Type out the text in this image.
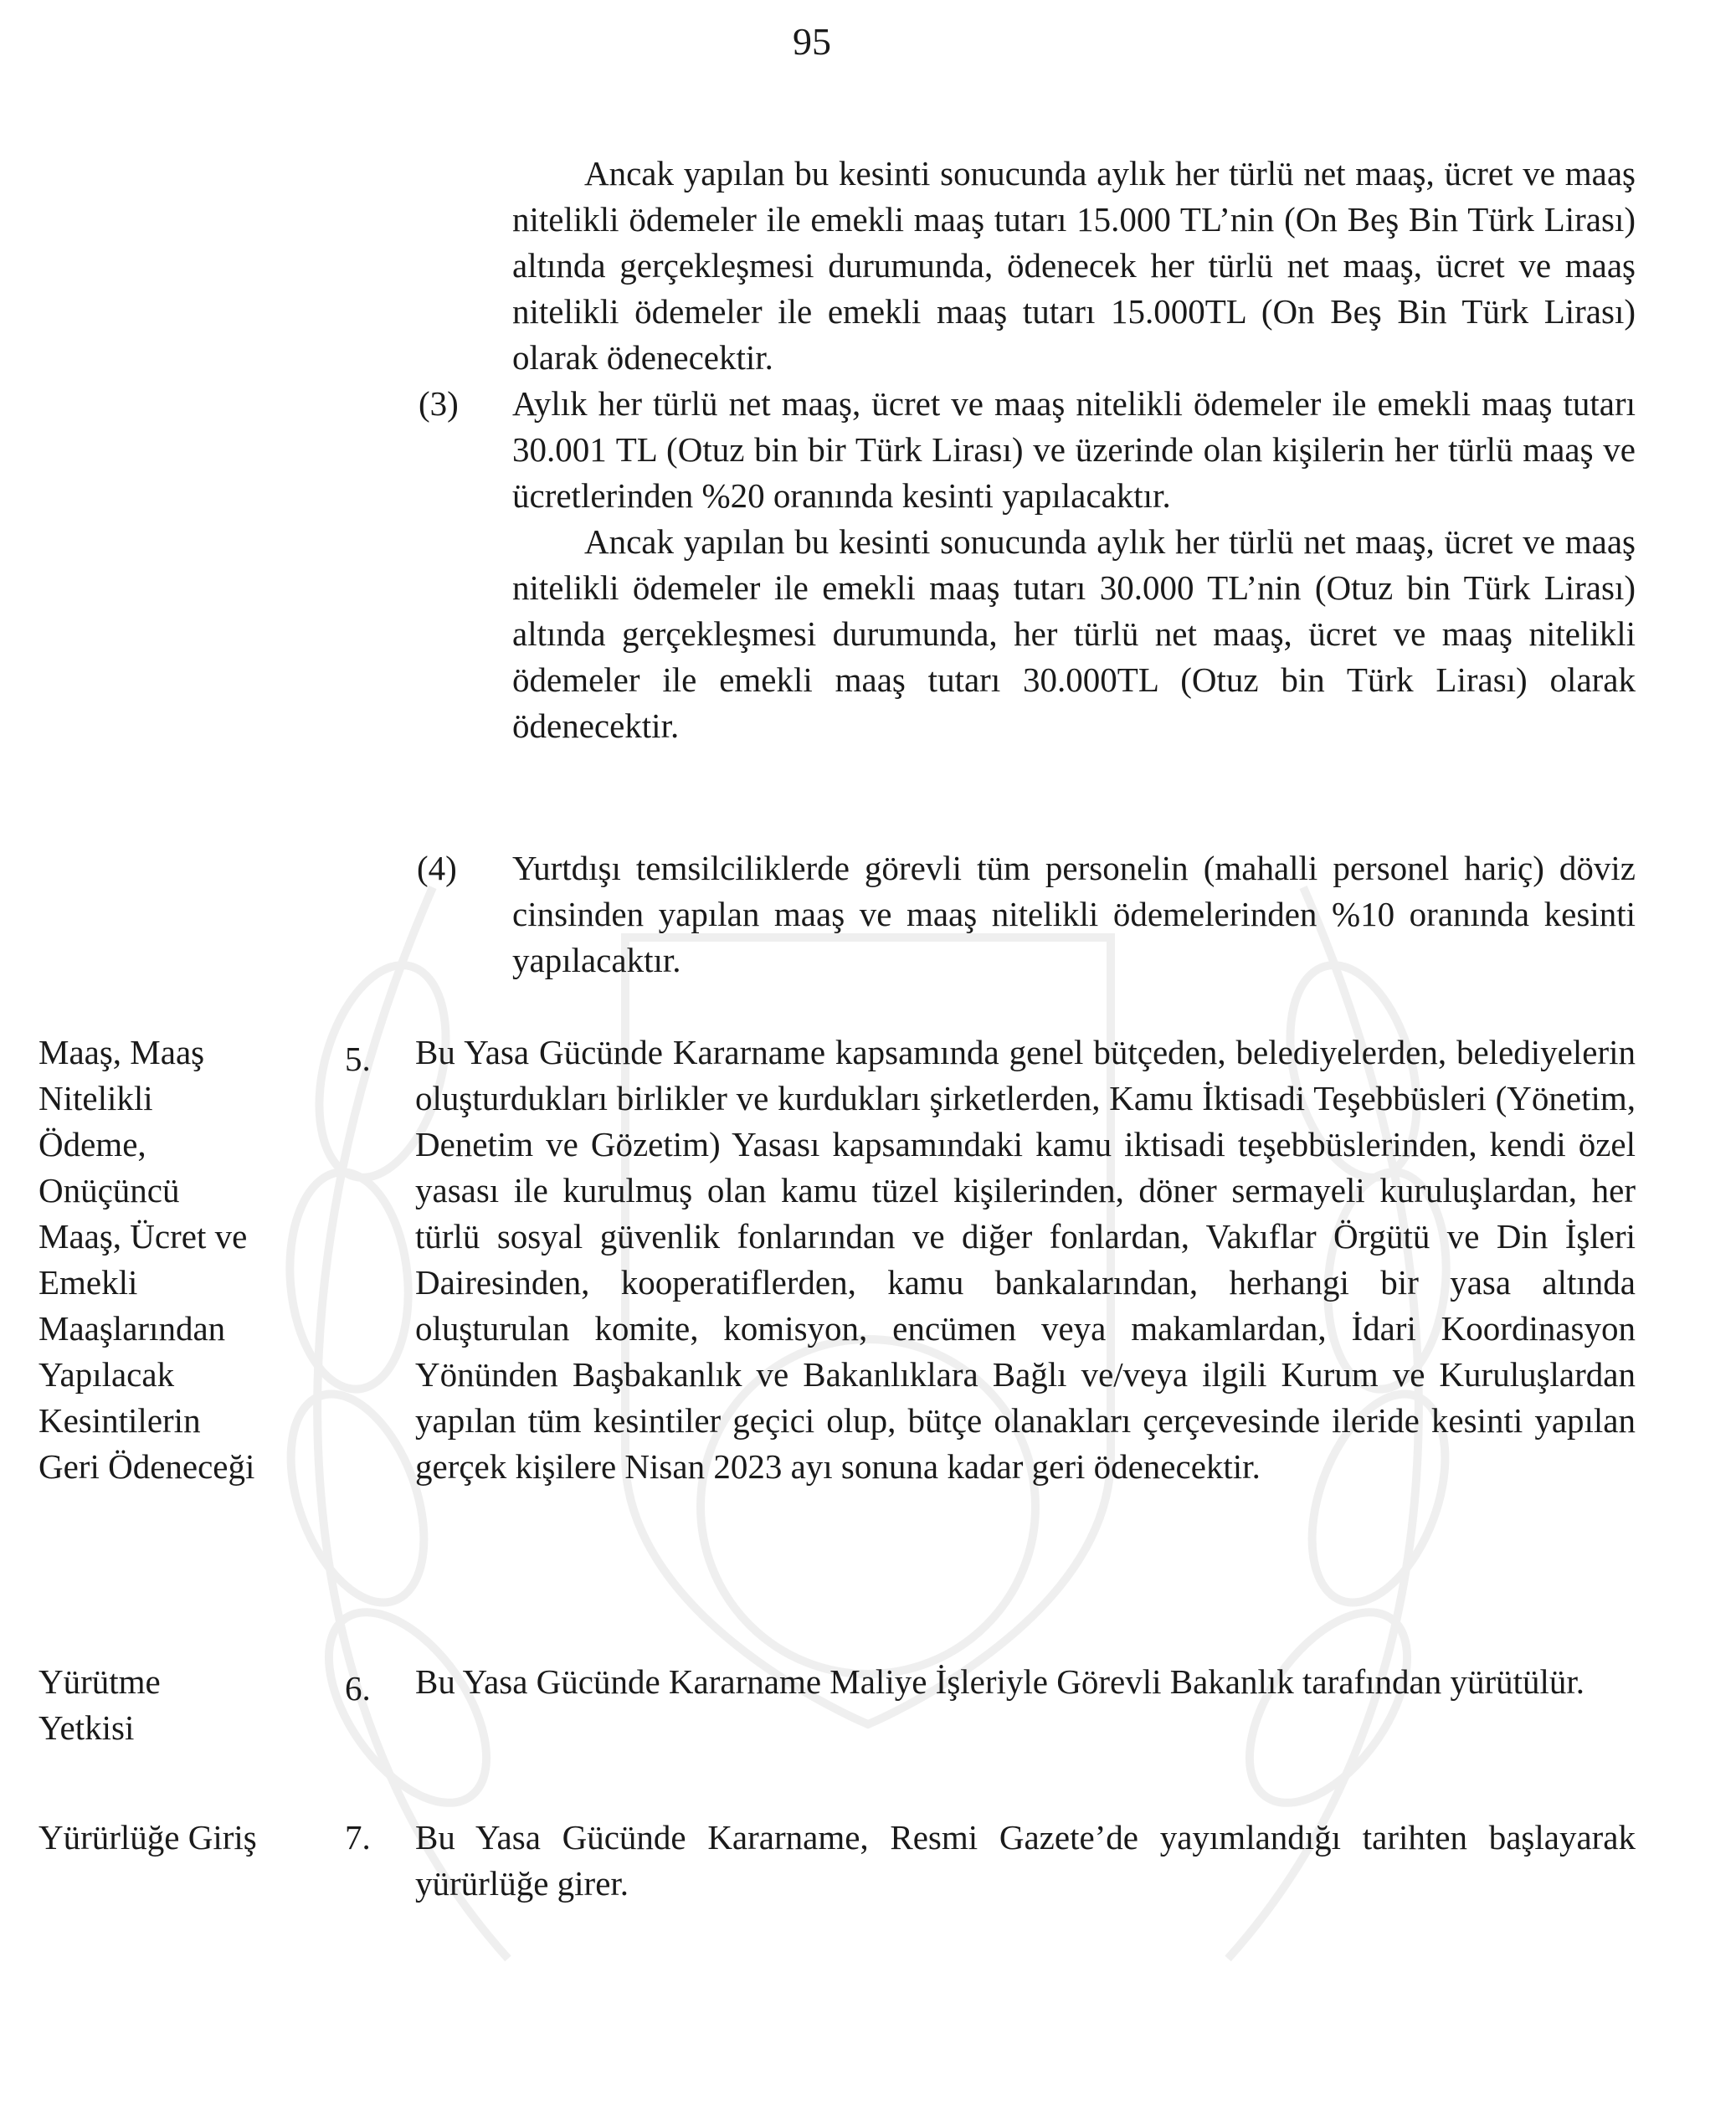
95

Ancak yapılan bu kesinti sonucunda aylık her türlü net maaş, ücret ve maaş nitelikli ödemeler ile emekli maaş tutarı 15.000 TL’nin (On Beş Bin Türk Lirası) altında gerçekleşmesi durumunda, ödenecek her türlü net maaş, ücret ve maaş nitelikli ödemeler ile emekli maaş tutarı 15.000TL (On Beş Bin Türk Lirası) olarak ödenecektir.

(3) Aylık her türlü net maaş, ücret ve maaş nitelikli ödemeler ile emekli maaş tutarı 30.001 TL (Otuz bin bir Türk Lirası) ve üzerinde olan kişilerin her türlü maaş ve ücretlerinden %20 oranında kesinti yapılacaktır.

Ancak yapılan bu kesinti sonucunda aylık her türlü net maaş, ücret ve maaş nitelikli ödemeler ile emekli maaş tutarı 30.000 TL’nin (Otuz bin Türk Lirası) altında gerçekleşmesi durumunda, her türlü net maaş, ücret ve maaş nitelikli ödemeler ile emekli maaş tutarı 30.000TL (Otuz bin Türk Lirası) olarak ödenecektir.

(4) Yurtdışı temsilciliklerde görevli tüm personelin (mahalli personel hariç) döviz cinsinden yapılan maaş ve maaş nitelikli ödemelerinden %10 oranında kesinti yapılacaktır.

Maaş, Maaş
Nitelikli
Ödeme,
Onüçüncü
Maaş, Ücret ve
Emekli
Maaşlarından
Yapılacak
Kesintilerin
Geri Ödeneceği
5. Bu Yasa Gücünde Kararname kapsamında genel bütçeden, belediyelerden, belediyelerin oluşturdukları birlikler ve kurdukları şirketlerden, Kamu İktisadi Teşebbüsleri (Yönetim, Denetim ve Gözetim) Yasası kapsamındaki kamu iktisadi teşebbüslerinden, kendi özel yasası ile kurulmuş olan kamu tüzel kişilerinden, döner sermayeli kuruluşlardan, her türlü sosyal güvenlik fonlarından ve diğer fonlardan, Vakıflar Örgütü ve Din İşleri Dairesinden, kooperatiflerden, kamu bankalarından, herhangi bir yasa altında oluşturulan komite, komisyon, encümen veya makamlardan, İdari Koordinasyon Yönünden Başbakanlık ve Bakanlıklara Bağlı ve/veya ilgili Kurum ve Kuruluşlardan yapılan tüm kesintiler geçici olup, bütçe olanakları çerçevesinde ileride kesinti yapılan gerçek kişilere Nisan 2023 ayı sonuna kadar geri ödenecektir.

Yürütme
Yetkisi
6. Bu Yasa Gücünde Kararname Maliye İşleriyle Görevli Bakanlık tarafından yürütülür.

Yürürlüğe Giriş	7. Bu Yasa Gücünde Kararname, Resmi Gazete’de yayımlandığı tarihten başlayarak yürürlüğe girer.
